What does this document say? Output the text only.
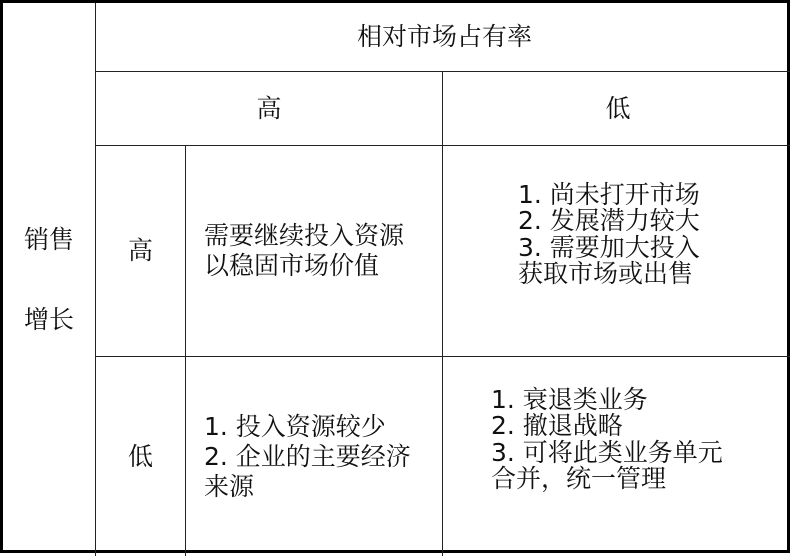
销售
增长
相对市场占有率
高	低
高
需要继续投入资源
以稳固市场价值
1. 尚未打开市场
2. 发展潜力较大
3. 需要加大投入
获取市场或出售
低
1. 投入资源较少
2. 企业的主要经济
来源
1. 衰退类业务
2. 撤退战略
3. 可将此类业务单元
合并，统一管理
